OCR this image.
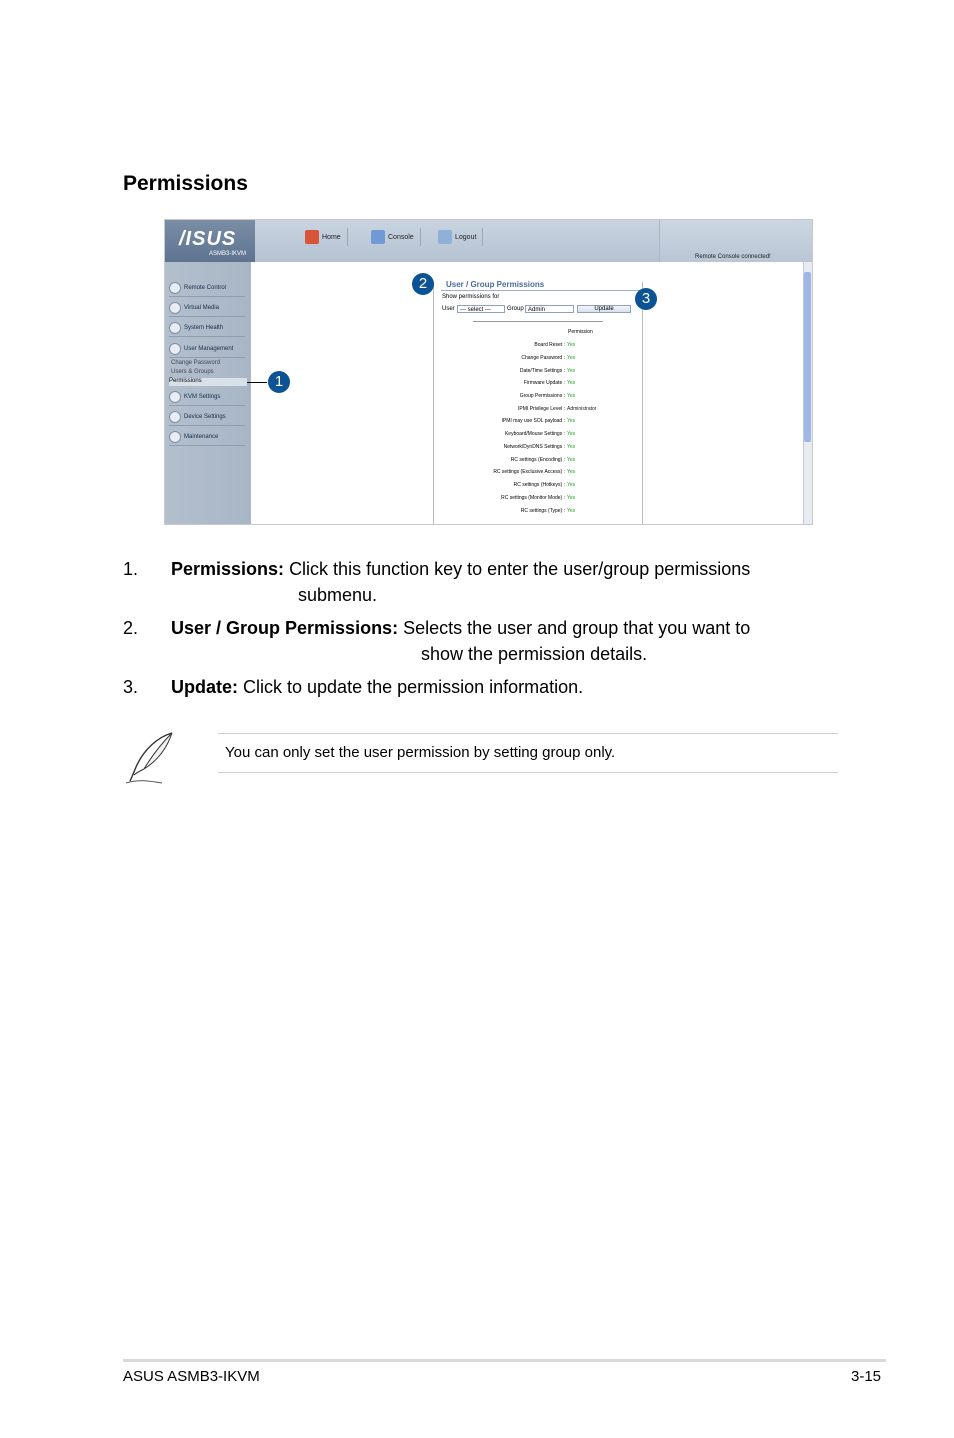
Permissions
/ISUS
ASMB3-IKVM
Home	Console	Logout
Remote Console connected!
Remote Control
Virtual Media
System Health
User Management
Change Password
Users & Groups
Permissions
KVM Settings
Device Settings
Maintenance
User / Group Permissions
Show permissions for
User --- select ---	Group Admin	Update
Permission
Board Reset : Yes
Change Password : Yes
Date/Time Settings : Yes
Firmware Update : Yes
Group Permissions : Yes
IPMI Privilege Level : Administrator
IPMI may use SOL payload : Yes
Keyboard/Mouse Settings : Yes
Network/DynDNS Settings : Yes
RC settings (Encoding) : Yes
RC settings (Exclusive Access) : Yes
RC settings (Hotkeys) : Yes
RC settings (Monitor Mode) : Yes
RC settings (Type) : Yes
1
2
3
1. Permissions: Click this function key to enter the user/group permissions
submenu.
2. User / Group Permissions: Selects the user and group that you want to
show the permission details.
3. Update: Click to update the permission information.
You can only set the user permission by setting group only.
ASUS ASMB3-IKVM	3-15
